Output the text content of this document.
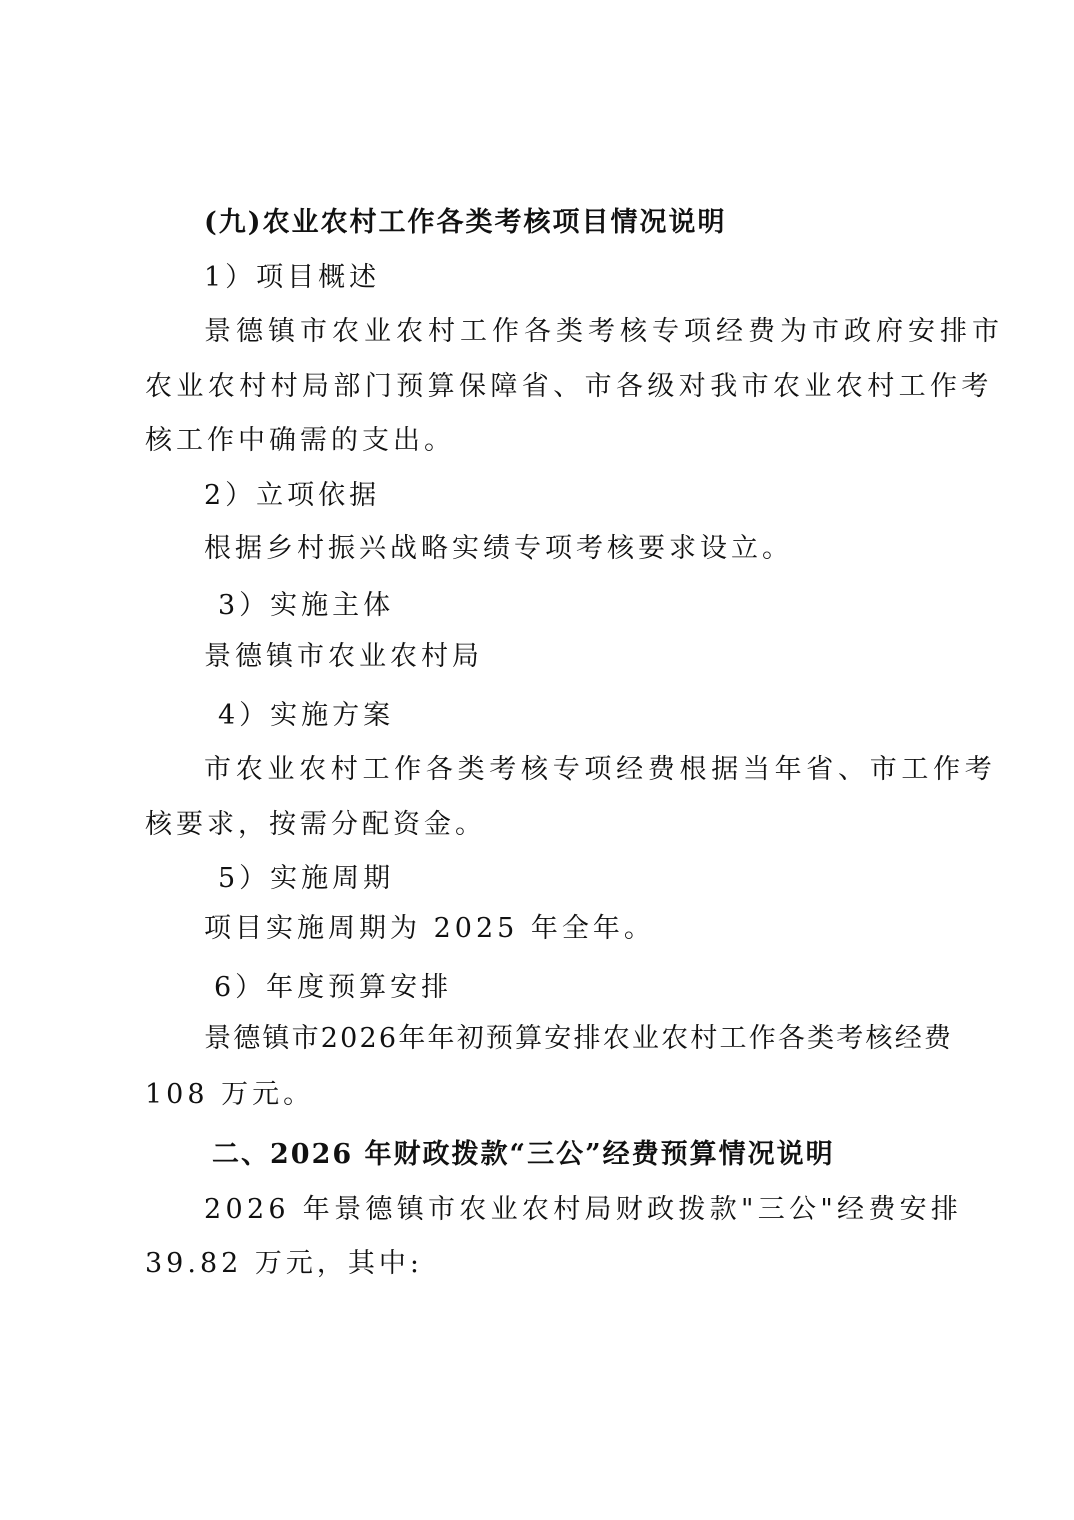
(九)农业农村工作各类考核项目情况说明
1）项目概述
景德镇市农业农村工作各类考核专项经费为市政府安排市
农业农村村局部门预算保障省、市各级对我市农业农村工作考
核工作中确需的支出。
2）立项依据
根据乡村振兴战略实绩专项考核要求设立。
3）实施主体
景德镇市农业农村局
4）实施方案
市农业农村工作各类考核专项经费根据当年省、市工作考
核要求，按需分配资金。
5）实施周期
项目实施周期为 2025 年全年。
6）年度预算安排
景德镇市2026年年初预算安排农业农村工作各类考核经费
108 万元。
二、2026 年财政拨款“三公”经费预算情况说明
2026 年景德镇市农业农村局财政拨款"三公"经费安排
39.82 万元，其中:
